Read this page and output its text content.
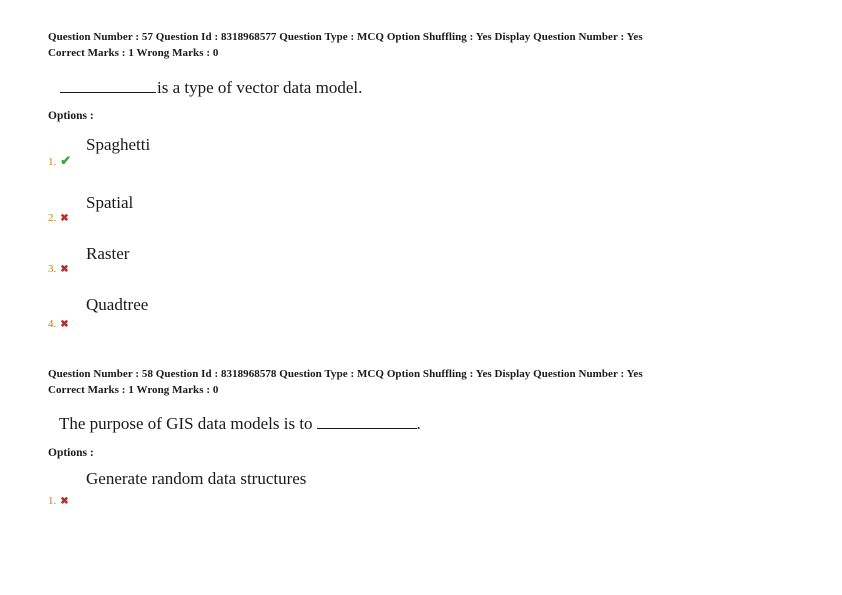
Question Number : 57 Question Id : 8318968577 Question Type : MCQ Option Shuffling : Yes Display Question Number : Yes
Correct Marks : 1 Wrong Marks : 0
is a type of vector data model.
Options :
Spaghetti
1. ✔
Spatial
2. ✖
Raster
3. ✖
Quadtree
4. ✖
Question Number : 58 Question Id : 8318968578 Question Type : MCQ Option Shuffling : Yes Display Question Number : Yes
Correct Marks : 1 Wrong Marks : 0
The purpose of GIS data models is to	.
Options :
Generate random data structures
1. ✖
